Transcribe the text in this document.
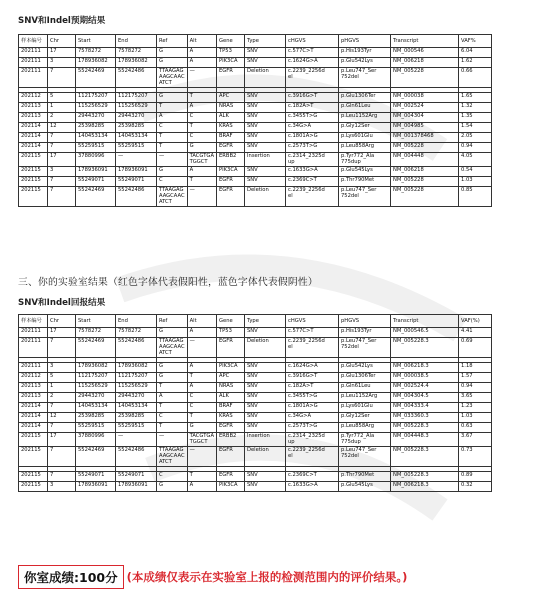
SNV和Indel预期结果
样本编号	Chr	Start	End	Ref	Alt	Gene	Type	cHGVS	pHGVS	Transcript	VAF%
202111	17	7578272	7578272	G	A	TP53	SNV	c.577C>T	p.His193Tyr	NM_000546	6.04
202111	3	178936082	178936082	G	A	PIK3CA	SNV	c.1624G>A	p.Glu542Lys	NM_006218	1.62
202111	7	55242469	55242486	TTAAGAG
AAGCAAC
ATCT	—	EGFR	Deletion	c.2239_2256d
el	p.Leu747_Ser
752del	NM_005228	0.66

202112	5	112175207	112175207	G	T	APC	SNV	c.3916G>T	p.Glu1306Ter	NM_000038	1.65
202113	1	115256529	115256529	T	A	NRAS	SNV	c.182A>T	p.Gln61Leu	NM_002524	1.32
202113	2	29443270	29443270	A	C	ALK	SNV	c.3455T>G	p.Leu1152Arg	NM_004304	1.35
202114	12	25398285	25398285	C	T	KRAS	SNV	c.34G>A	p.Gly12Ser	NM_004985	1.54
202114	7	140453134	140453134	T	C	BRAF	SNV	c.1801A>G	p.Lys601Glu	NM_001378468	2.05
202114	7	55259515	55259515	T	G	EGFR	SNV	c.2573T>G	p.Leu858Arg	NM_005228	0.94
202115	17	37880996	—	—	TACGTGA
TGGCT	ERBB2	Insertion	c.2314_2325d
up	p.Tyr772_Ala
775dup	NM_004448	4.05
202115	3	178936091	178936091	G	A	PIK3CA	SNV	c.1633G>A	p.Glu545Lys	NM_006218	0.54
202115	7	55249071	55249071	C	T	EGFR	SNV	c.2369C>T	p.Thr790Met	NM_005228	1.03
202115	7	55242469	55242486	TTAAGAG
AAGCAAC
ATCT	—	EGFR	Deletion	c.2239_2256d
el	p.Leu747_Ser
752del	NM_005228	0.85
三、你的实验室结果（红色字体代表假阳性，蓝色字体代表假阴性）
SNV和Indel回报结果
样本编号	Chr	Start	End	Ref	Alt	Gene	Type	cHGVS	pHGVS	Transcript	VAF(%)
202111	17	7578272	7578272	G	A	TP53	SNV	c.577C>T	p.His193Tyr	NM_000546.5	4.41
202111	7	55242469	55242486	TTAAGAG
AAGCAAC
ATCT	—	EGFR	Deletion	c.2239_2256d
el	p.Leu747_Ser
752del	NM_005228.3	0.69

202111	3	178936082	178936082	G	A	PIK3CA	SNV	c.1624G>A	p.Glu542Lys	NM_006218.3	1.18
202112	5	112175207	112175207	G	T	APC	SNV	c.3916G>T	p.Glu1306Ter	NM_000038.5	1.57
202113	1	115256529	115256529	T	A	NRAS	SNV	c.182A>T	p.Gln61Leu	NM_002524.4	0.94
202113	2	29443270	29443270	A	C	ALK	SNV	c.3455T>G	p.Leu1152Arg	NM_004304.5	3.65
202114	7	140453134	140453134	T	C	BRAF	SNV	c.1801A>G	p.Lys601Glu	NM_004333.4	1.23
202114	12	25398285	25398285	C	T	KRAS	SNV	c.34G>A	p.Gly12Ser	NM_033360.3	1.03
202114	7	55259515	55259515	T	G	EGFR	SNV	c.2573T>G	p.Leu858Arg	NM_005228.3	0.63
202115	17	37880996	—	—	TACGTGA
TGGCT	ERBB2	Insertion	c.2314_2325d
up	p.Tyr772_Ala
775dup	NM_004448.3	3.67
202115	7	55242469	55242486	TTAAGAG
AAGCAAC
ATCT	—	EGFR	Deletion	c.2239_2256d
el	p.Leu747_Ser
752del	NM_005228.3	0.73

202115	7	55249071	55249071	C	T	EGFR	SNV	c.2369C>T	p.Thr790Met	NM_005228.3	0.89
202115	3	178936091	178936091	G	A	PIK3CA	SNV	c.1633G>A	p.Glu545Lys	NM_006218.3	0.32
你室成绩:100分 (本成绩仅表示在实验室上报的检测范围内的评价结果。)
